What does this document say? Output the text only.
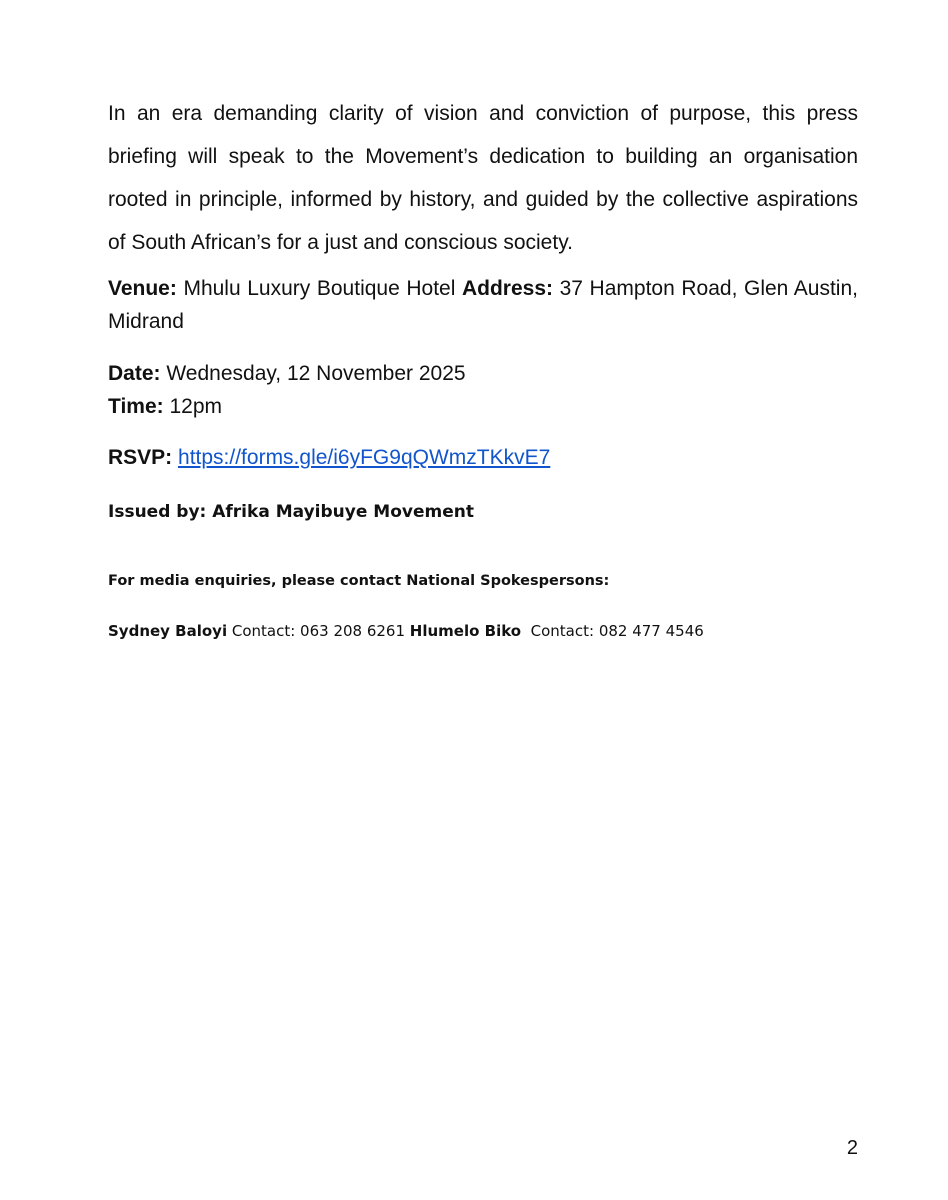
In an era demanding clarity of vision and conviction of purpose, this press briefing will speak to the Movement’s dedication to building an organisation rooted in principle, informed by history, and guided by the collective aspirations of South African’s for a just and conscious society.

Venue: Mhulu Luxury Boutique Hotel Address: 37 Hampton Road, Glen Austin, Midrand

Date: Wednesday, 12 November 2025
Time: 12pm

RSVP: https://forms.gle/i6yFG9qQWmzTKkvE7

Issued by: Afrika Mayibuye Movement

For media enquiries, please contact National Spokespersons:

Sydney Baloyi Contact: 063 208 6261 Hlumelo Biko  Contact: 082 477 4546

2
